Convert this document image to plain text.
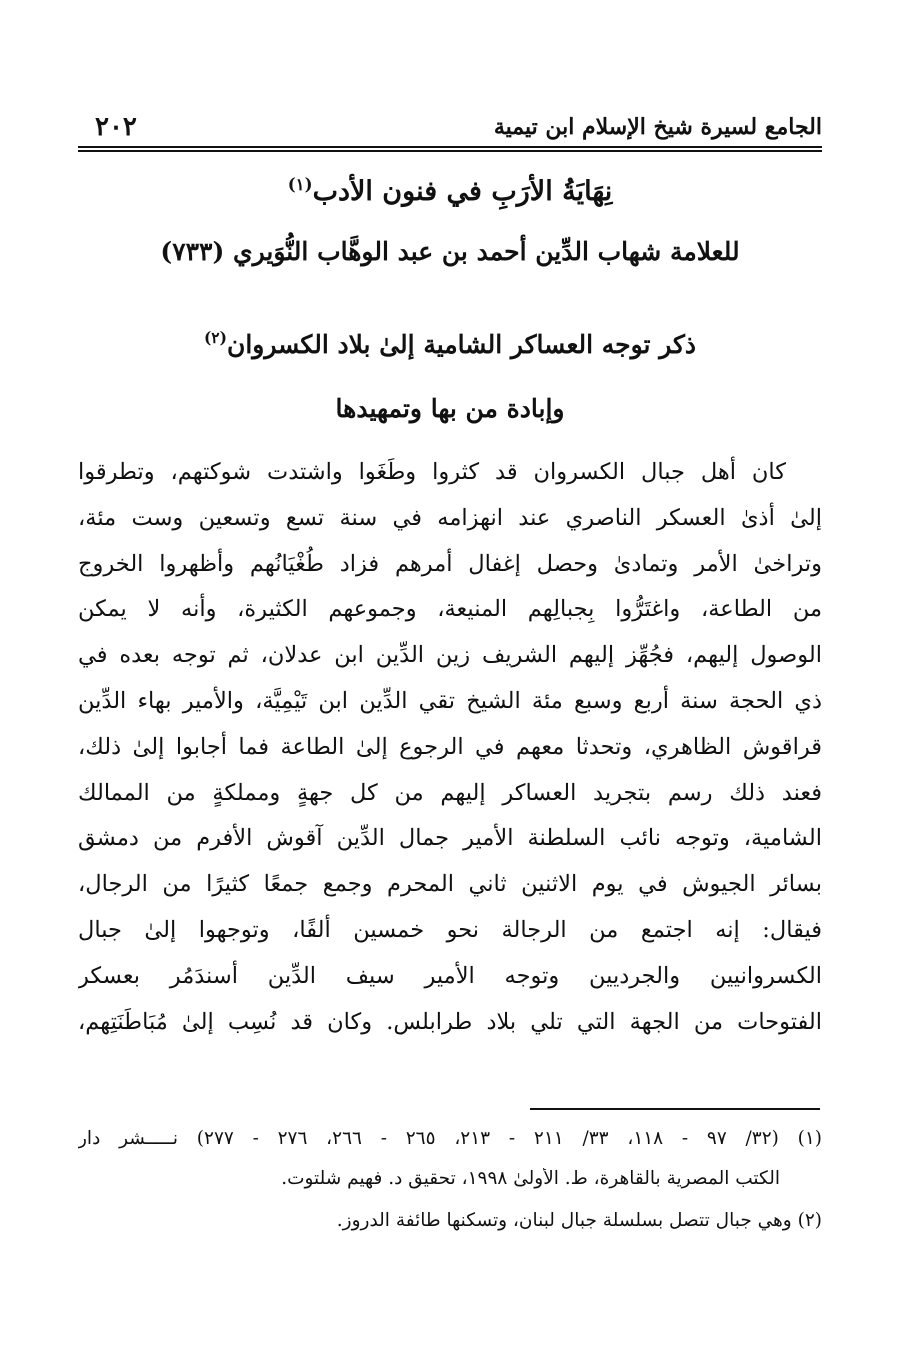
الجامع لسيرة شيخ الإسلام ابن تيمية
٢٠٢
نِهَايَةُ الأرَبِ في فنون الأدب$^{(١)}$
للعلامة شهاب الدِّين أحمد بن عبد الوهَّاب النُّوَيري (٧٣٣)
ذكر توجه العساكر الشامية إلىٰ بلاد الكسروان$^{(٢)}$
وإبادة من بها وتمهيدها
كان أهل جبال الكسروان قد كثروا وطَغَوا واشتدت شوكتهم، وتطرقوا
إلىٰ أذىٰ العسكر الناصري عند انهزامه في سنة تسع وتسعين وست مئة،
وتراخىٰ الأمر وتمادىٰ وحصل إغفال أمرهم فزاد طُغْيَانُهم وأظهروا الخروج
من الطاعة، واغتَرُّوا بِجبالِهم المنيعة، وجموعهم الكثيرة، وأنه لا يمكن
الوصول إليهم، فجُهِّز إليهم الشريف زين الدِّين ابن عدلان، ثم توجه بعده في
ذي الحجة سنة أربع وسبع مئة الشيخ تقي الدِّين ابن تَيْمِيَّة، والأمير بهاء الدِّين
قراقوش الظاهري، وتحدثا معهم في الرجوع إلىٰ الطاعة فما أجابوا إلىٰ ذلك،
فعند ذلك رسم بتجريد العساكر إليهم من كل جهةٍ ومملكةٍ من الممالك
الشامية، وتوجه نائب السلطنة الأمير جمال الدِّين آقوش الأفرم من دمشق
بسائر الجيوش في يوم الاثنين ثاني المحرم وجمع جمعًا كثيرًا من الرجال،
فيقال: إنه اجتمع من الرجالة نحو خمسين ألفًا، وتوجهوا إلىٰ جبال
الكسروانيين والجرديين وتوجه الأمير سيف الدِّين أسندَمُر بعسكر
الفتوحات من الجهة التي تلي بلاد طرابلس. وكان قد نُسِب إلىٰ مُبَاطَنَتِهم،
(١) (٣٢/ ٩٧ - ١١٨، ٣٣/ ٢١١ - ٢١٣، ٢٦٥ - ٢٦٦، ٢٧٦ - ٢٧٧) نـــــشر دار
الكتب المصرية بالقاهرة، ط. الأولىٰ ١٩٩٨، تحقيق د. فهيم شلتوت.
(٢) وهي جبال تتصل بسلسلة جبال لبنان، وتسكنها طائفة الدروز.
